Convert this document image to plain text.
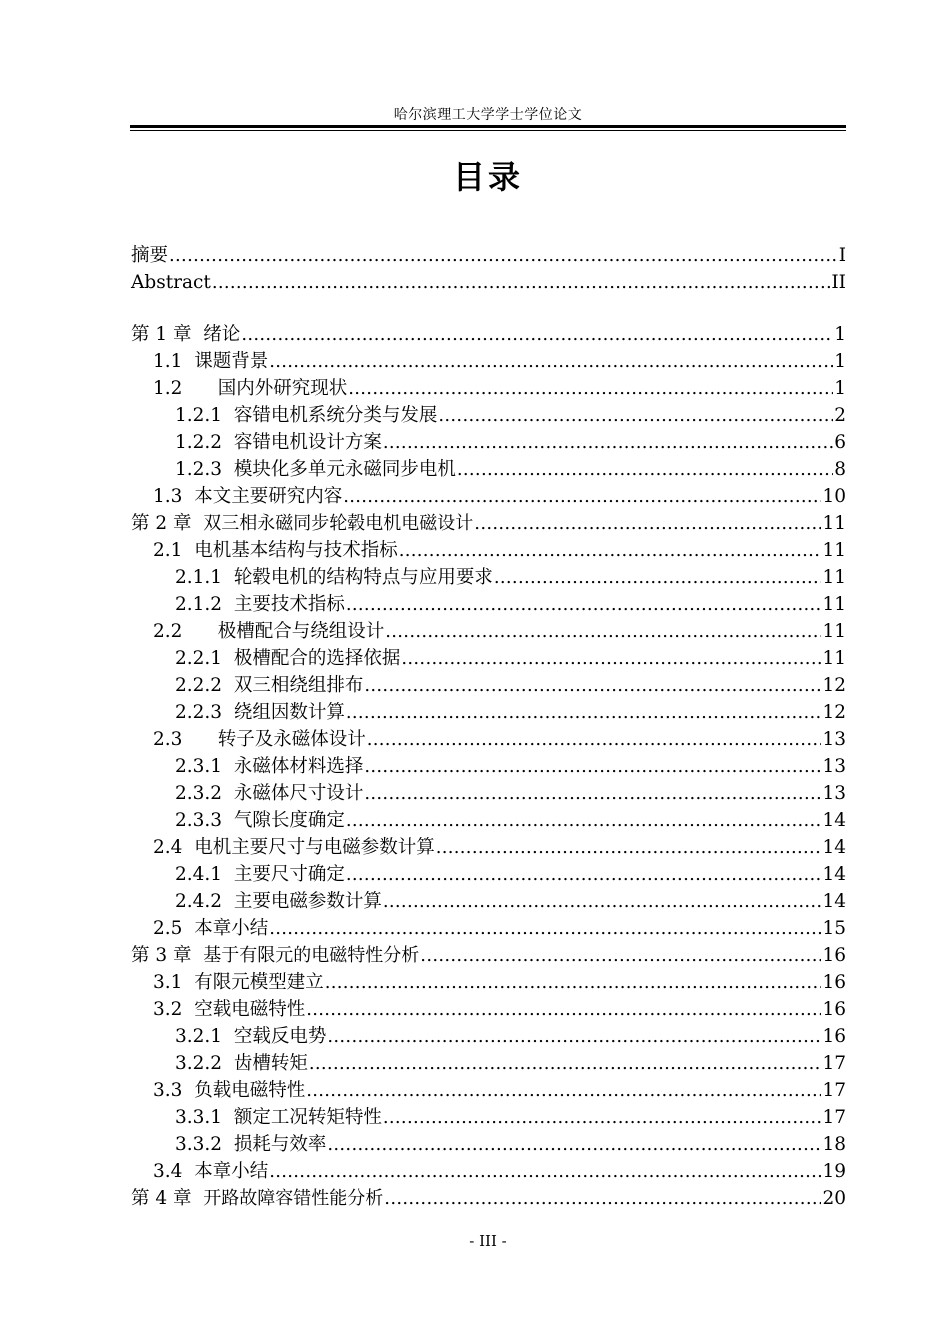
哈尔滨理工大学学士学位论文
目录
摘要 .....	I
Abstract .....	II
第 1 章 绪论 .....	1
1.1 课题背景 .....	1
1.2 国内外研究现状 .....	1
1.2.1 容错电机系统分类与发展 .....	2
1.2.2 容错电机设计方案 .....	6
1.2.3 模块化多单元永磁同步电机 .....	8
1.3 本文主要研究内容 .....	10
第 2 章 双三相永磁同步轮毂电机电磁设计 .....	11
2.1 电机基本结构与技术指标 .....	11
2.1.1 轮毂电机的结构特点与应用要求 .....	11
2.1.2 主要技术指标 .....	11
2.2 极槽配合与绕组设计 .....	11
2.2.1 极槽配合的选择依据 .....	11
2.2.2 双三相绕组排布 .....	12
2.2.3 绕组因数计算 .....	12
2.3 转子及永磁体设计 .....	13
2.3.1 永磁体材料选择 .....	13
2.3.2 永磁体尺寸设计 .....	13
2.3.3 气隙长度确定 .....	14
2.4 电机主要尺寸与电磁参数计算 .....	14
2.4.1 主要尺寸确定 .....	14
2.4.2 主要电磁参数计算 .....	14
2.5 本章小结 .....	15
第 3 章 基于有限元的电磁特性分析 .....	16
3.1 有限元模型建立 .....	16
3.2 空载电磁特性 .....	16
3.2.1 空载反电势 .....	16
3.2.2 齿槽转矩 .....	17
3.3 负载电磁特性 .....	17
3.3.1 额定工况转矩特性 .....	17
3.3.2 损耗与效率 .....	18
3.4 本章小结 .....	19
第 4 章 开路故障容错性能分析 .....	20
- III -
